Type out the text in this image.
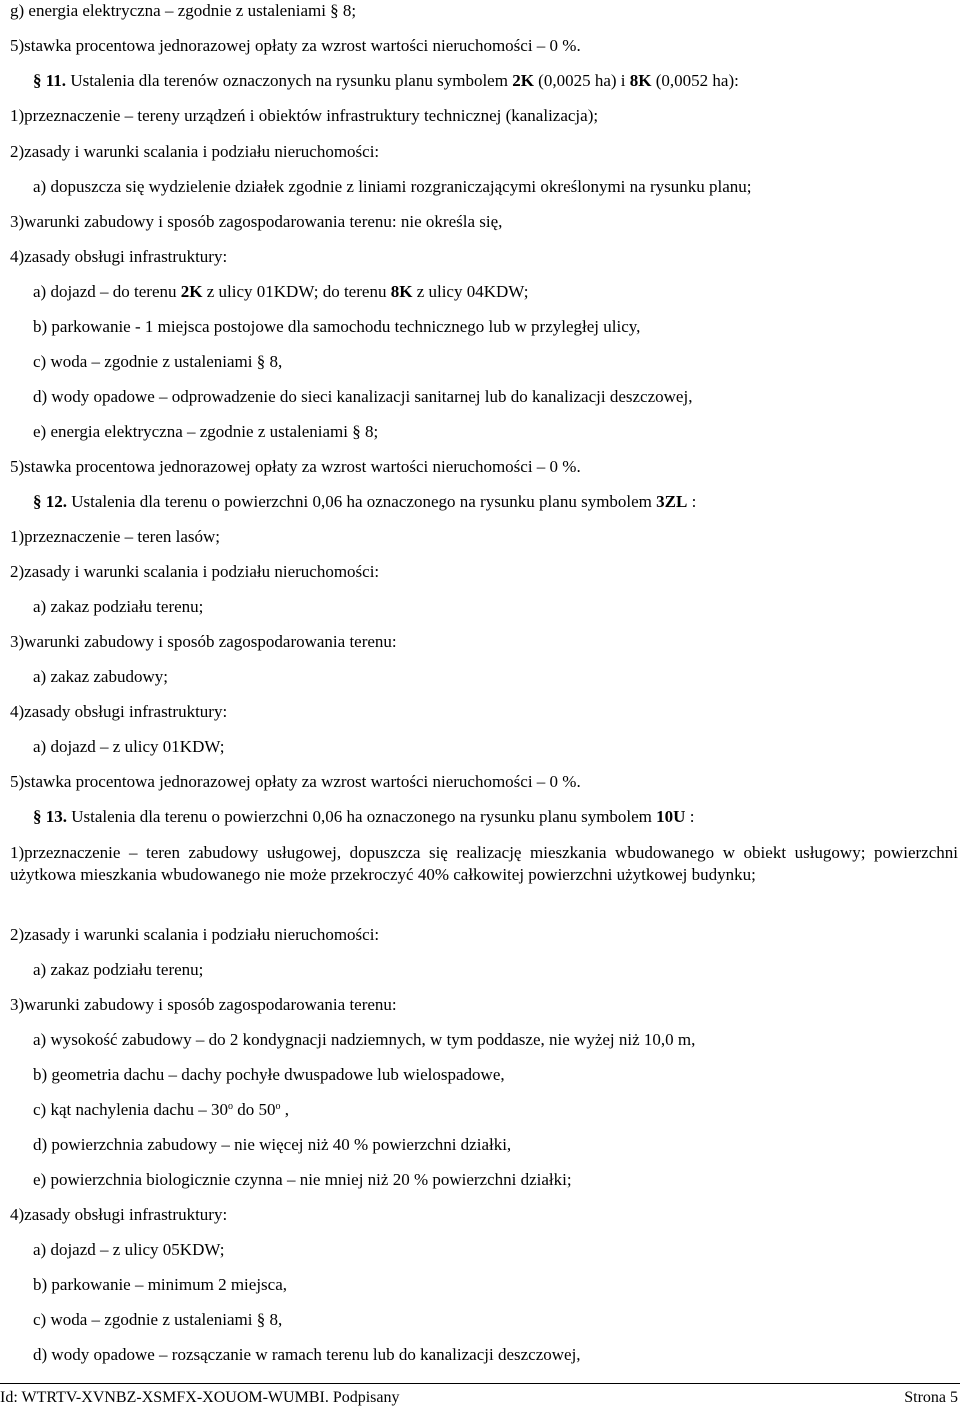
g) energia elektryczna – zgodnie z ustaleniami § 8;
5)stawka procentowa jednorazowej opłaty za wzrost wartości nieruchomości – 0 %.
§ 11. Ustalenia dla terenów oznaczonych na rysunku planu symbolem 2K (0,0025 ha) i 8K (0,0052 ha):
1)przeznaczenie – tereny urządzeń i obiektów infrastruktury technicznej (kanalizacja);
2)zasady i warunki scalania i podziału nieruchomości:
a) dopuszcza się wydzielenie działek zgodnie z liniami rozgraniczającymi określonymi na rysunku planu;
3)warunki zabudowy i sposób zagospodarowania terenu: nie określa się,
4)zasady obsługi infrastruktury:
a) dojazd – do terenu 2K z ulicy 01KDW; do terenu 8K z ulicy 04KDW;
b) parkowanie - 1 miejsca postojowe dla samochodu technicznego lub w przyległej ulicy,
c) woda – zgodnie z ustaleniami § 8,
d) wody opadowe – odprowadzenie do sieci kanalizacji sanitarnej lub do kanalizacji deszczowej,
e) energia elektryczna – zgodnie z ustaleniami § 8;
5)stawka procentowa jednorazowej opłaty za wzrost wartości nieruchomości – 0 %.
§ 12. Ustalenia dla terenu o powierzchni 0,06 ha oznaczonego na rysunku planu symbolem 3ZL :
1)przeznaczenie – teren lasów;
2)zasady i warunki scalania i podziału nieruchomości:
a) zakaz podziału terenu;
3)warunki zabudowy i sposób zagospodarowania terenu:
a) zakaz zabudowy;
4)zasady obsługi infrastruktury:
a) dojazd – z ulicy 01KDW;
5)stawka procentowa jednorazowej opłaty za wzrost wartości nieruchomości – 0 %.
§ 13. Ustalenia dla terenu o powierzchni 0,06 ha oznaczonego na rysunku planu symbolem 10U :
1)przeznaczenie – teren zabudowy usługowej, dopuszcza się realizację mieszkania wbudowanego w obiekt usługowy; powierzchni użytkowa mieszkania wbudowanego nie może przekroczyć 40% całkowitej powierzchni użytkowej budynku;
2)zasady i warunki scalania i podziału nieruchomości:
a) zakaz podziału terenu;
3)warunki zabudowy i sposób zagospodarowania terenu:
a) wysokość zabudowy – do 2 kondygnacji nadziemnych, w tym poddasze, nie wyżej niż 10,0 m,
b) geometria dachu – dachy pochyłe dwuspadowe lub wielospadowe,
c) kąt nachylenia dachu – 30$^o$ do 50$^o$ ,
d) powierzchnia zabudowy – nie więcej niż 40 % powierzchni działki,
e) powierzchnia biologicznie czynna – nie mniej niż 20 % powierzchni działki;
4)zasady obsługi infrastruktury:
a) dojazd – z ulicy 05KDW;
b) parkowanie – minimum 2 miejsca,
c) woda – zgodnie z ustaleniami § 8,
d) wody opadowe – rozsączanie w ramach terenu lub do kanalizacji deszczowej,
Id: WTRTV-XVNBZ-XSMFX-XOUOM-WUMBI. Podpisany	Strona 5
